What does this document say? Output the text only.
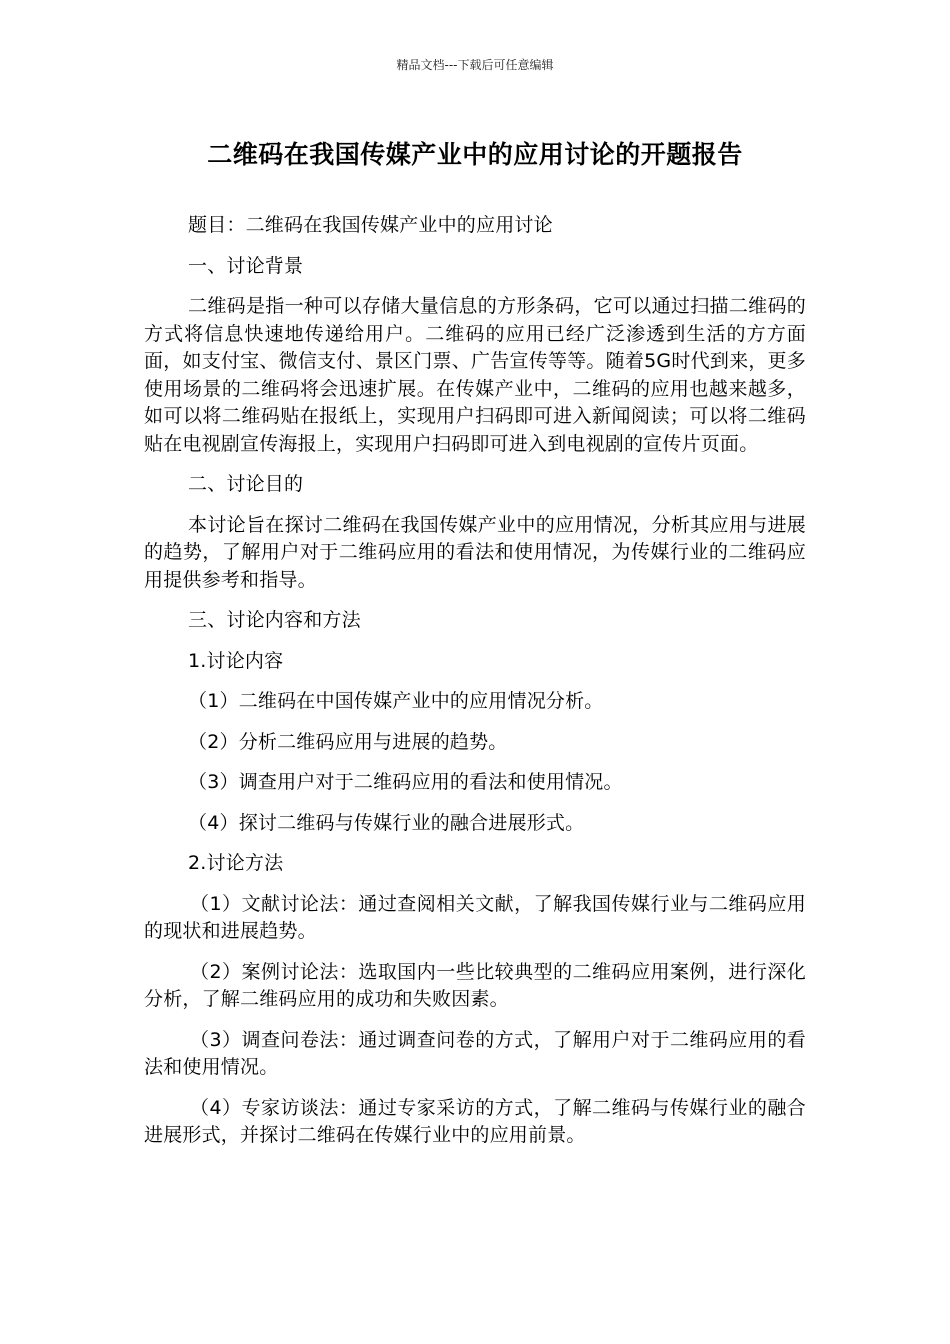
精品文档---下载后可任意编辑
二维码在我国传媒产业中的应用讨论的开题报告

题目：二维码在我国传媒产业中的应用讨论

一、讨论背景

二维码是指一种可以存储大量信息的方形条码，它可以通过扫描二维码的方式将信息快速地传递给用户。二维码的应用已经广泛渗透到生活的方方面面，如支付宝、微信支付、景区门票、广告宣传等等。随着5G时代到来，更多使用场景的二维码将会迅速扩展。在传媒产业中，二维码的应用也越来越多，如可以将二维码贴在报纸上，实现用户扫码即可进入新闻阅读；可以将二维码贴在电视剧宣传海报上，实现用户扫码即可进入到电视剧的宣传片页面。

二、讨论目的

本讨论旨在探讨二维码在我国传媒产业中的应用情况，分析其应用与进展的趋势，了解用户对于二维码应用的看法和使用情况，为传媒行业的二维码应用提供参考和指导。

三、讨论内容和方法

1.讨论内容

（1）二维码在中国传媒产业中的应用情况分析。

（2）分析二维码应用与进展的趋势。

（3）调查用户对于二维码应用的看法和使用情况。

（4）探讨二维码与传媒行业的融合进展形式。

2.讨论方法

（1）文献讨论法：通过查阅相关文献，了解我国传媒行业与二维码应用的现状和进展趋势。

（2）案例讨论法：选取国内一些比较典型的二维码应用案例，进行深化分析，了解二维码应用的成功和失败因素。

（3）调查问卷法：通过调查问卷的方式，了解用户对于二维码应用的看法和使用情况。

（4）专家访谈法：通过专家采访的方式，了解二维码与传媒行业的融合进展形式，并探讨二维码在传媒行业中的应用前景。
